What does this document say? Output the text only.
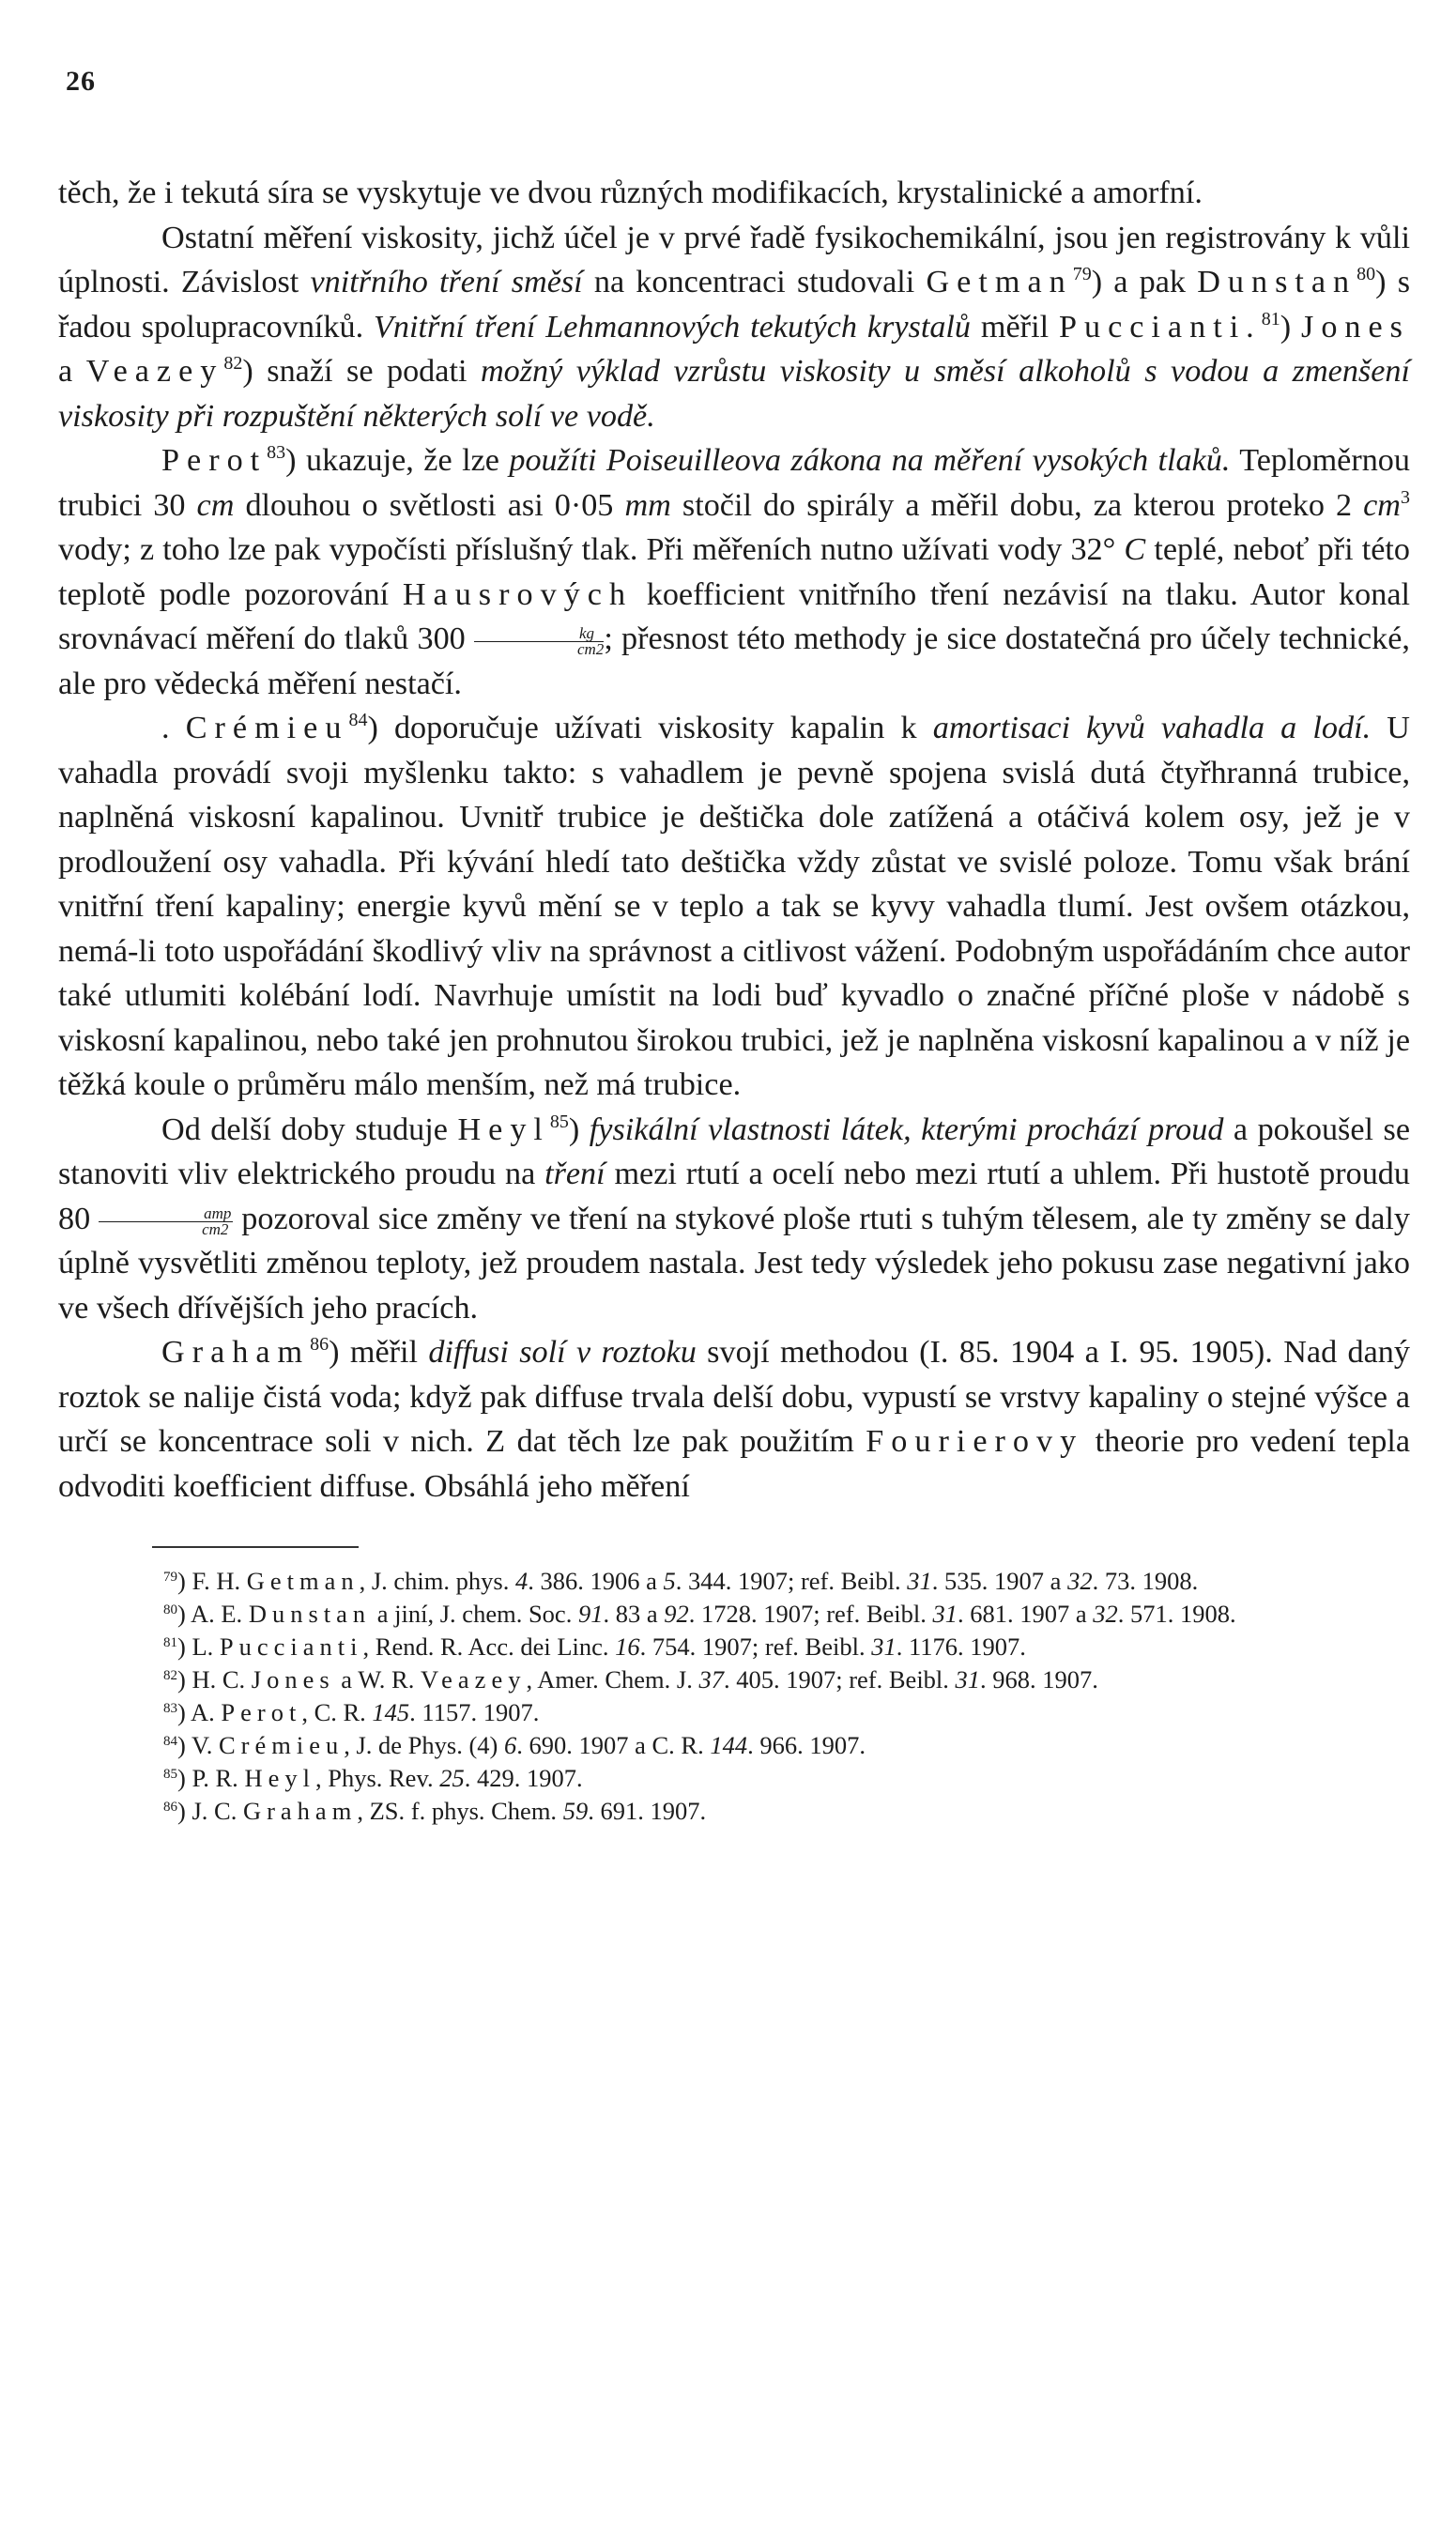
26
těch, že i tekutá síra se vyskytuje ve dvou různých modifikacích, krystalinické a amorfní.
Ostatní měření viskosity, jichž účel je v prvé řadě fysikochemikální, jsou jen registrovány k vůli úplnosti. Závislost vnitřního tření směsí na koncentraci studovali Getman$^{79}$) a pak Dunstan$^{80}$) s řadou spolupracovníků. Vnitřní tření Lehmannových tekutých krystalů měřil Puccianti.$^{81}$) Jones a Veazey$^{82}$) snaží se podati možný výklad vzrůstu viskosity u směsí alkoholů s vodou a zmenšení viskosity při rozpuštění některých solí ve vodě.
Perot$^{83}$) ukazuje, že lze použíti Poiseuilleova zákona na měření vysokých tlaků. Teploměrnou trubici 30 cm dlouhou o světlosti asi 0·05 mm stočil do spirály a měřil dobu, za kterou proteko 2 $cm^3$ vody; z toho lze pak vypočísti příslušný tlak. Při měřeních nutno užívati vody 32° C teplé, neboť při této teplotě podle pozorování Hausrových koefficient vnitřního tření nezávisí na tlaku. Autor konal srovnávací měření do tlaků $300 \frac{kg}{cm2}$ ; přesnost této methody je sice dostatečná pro účely technické, ale pro vědecká měření nestačí.
. Crémieu$^{84}$) doporučuje užívati viskosity kapalin k amortisaci kyvů vahadla a lodí. U vahadla provádí svoji myšlenku takto: s vahadlem je pevně spojena svislá dutá čtyřhranná trubice, naplněná viskosní kapalinou. Uvnitř trubice je deštička dole zatížená a otáčivá kolem osy, jež je v prodloužení osy vahadla. Při kývání hledí tato deštička vždy zůstat ve svislé poloze. Tomu však brání vnitřní tření kapaliny; energie kyvů mění se v teplo a tak se kyvy vahadla tlumí. Jest ovšem otázkou, nemá-li toto uspořádání škodlivý vliv na správnost a citlivost vážení. Podobným uspořádáním chce autor také utlumiti kolébání lodí. Navrhuje umístit na lodi buď kyvadlo o značné příčné ploše v nádobě s viskosní kapalinou, nebo také jen prohnutou širokou trubici, jež je naplněna viskosní kapalinou a v níž je těžká koule o průměru málo menším, než má trubice.
Od delší doby studuje Heyl$^{85}$) fysikální vlastnosti látek, kterými prochází proud a pokoušel se stanoviti vliv elektrického proudu na tření mezi rtutí a ocelí nebo mezi rtutí a uhlem. Při hustotě proudu $80 \frac{\text{amp}}{cm2}$ pozoroval sice změny ve tření na stykové ploše rtuti s tuhým tělesem, ale ty změny se daly úplně vysvětliti změnou teploty, jež proudem nastala. Jest tedy výsledek jeho pokusu zase negativní jako ve všech dřívějších jeho pracích.
Graham$^{86}$) měřil diffusi solí v roztoku svojí methodou (I. 85. 1904 a I. 95. 1905). Nad daný roztok se nalije čistá voda; když pak diffuse trvala delší dobu, vypustí se vrstvy kapaliny o stejné výšce a určí se koncentrace soli v nich. Z dat těch lze pak použitím Fourierovy theorie pro vedení tepla odvoditi koefficient diffuse. Obsáhlá jeho měření
$^{79}$) F. H. Getman, J. chim. phys. 4. 386. 1906 a 5. 344. 1907; ref. Beibl. 31. 535. 1907 a 32. 73. 1908.
$^{80}$) A. E. Dunstan a jiní, J. chem. Soc. 91. 83 a 92. 1728. 1907; ref. Beibl. 31. 681. 1907 a 32. 571. 1908.
$^{81}$) L. Puccianti, Rend. R. Acc. dei Linc. 16. 754. 1907; ref. Beibl. 31. 1176. 1907.
$^{82}$) H. C. Jones a W. R. Veazey, Amer. Chem. J. 37. 405. 1907; ref. Beibl. 31. 968. 1907.
$^{83}$) A. Perot, C. R. 145. 1157. 1907.
$^{84}$) V. Crémieu, J. de Phys. (4) 6. 690. 1907 a C. R. 144. 966. 1907.
$^{85}$) P. R. Heyl, Phys. Rev. 25. 429. 1907.
$^{86}$) J. C. Graham, ZS. f. phys. Chem. 59. 691. 1907.
